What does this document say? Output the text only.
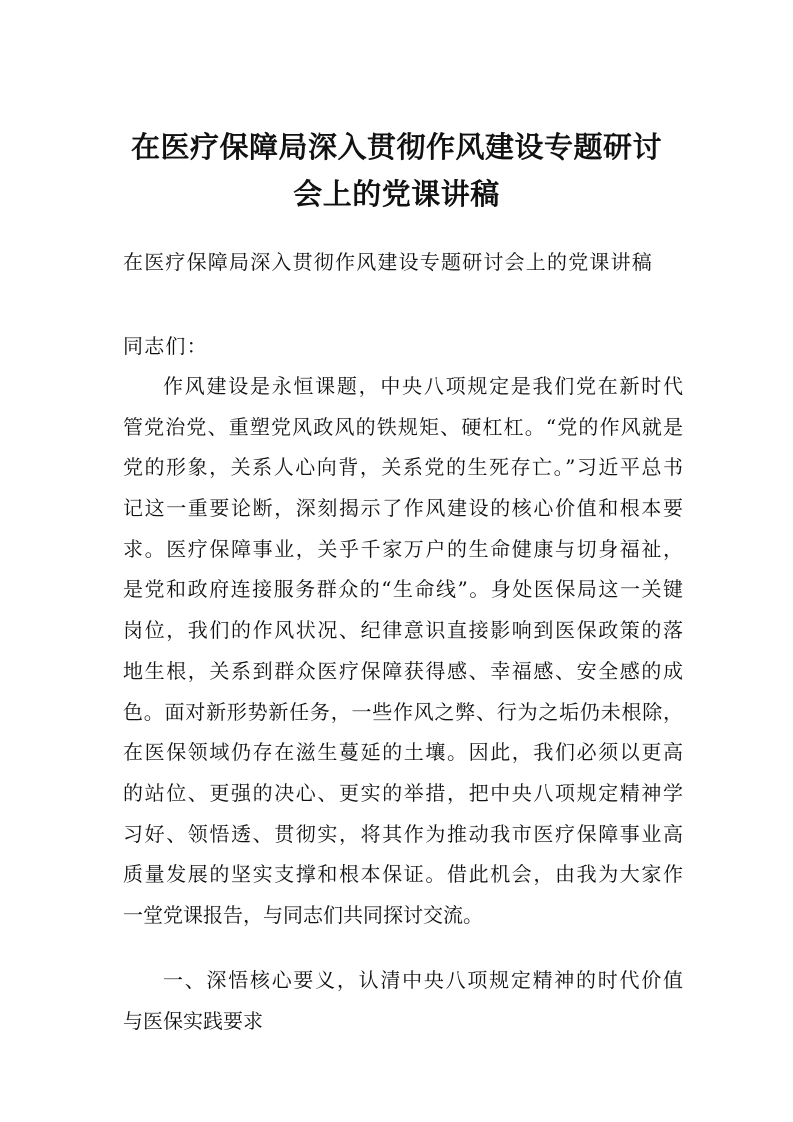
在医疗保障局深入贯彻作风建设专题研讨
会上的党课讲稿

在医疗保障局深入贯彻作风建设专题研讨会上的党课讲稿

同志们：

作风建设是永恒课题，中央八项规定是我们党在新时代
管党治党、重塑党风政风的铁规矩、硬杠杠。“党的作风就是
党的形象，关系人心向背，关系党的生死存亡。”习近平总书
记这一重要论断，深刻揭示了作风建设的核心价值和根本要
求。医疗保障事业，关乎千家万户的生命健康与切身福祉，
是党和政府连接服务群众的“生命线”。身处医保局这一关键
岗位，我们的作风状况、纪律意识直接影响到医保政策的落
地生根，关系到群众医疗保障获得感、幸福感、安全感的成
色。面对新形势新任务，一些作风之弊、行为之垢仍未根除，
在医保领域仍存在滋生蔓延的土壤。因此，我们必须以更高
的站位、更强的决心、更实的举措，把中央八项规定精神学
习好、领悟透、贯彻实，将其作为推动我市医疗保障事业高
质量发展的坚实支撑和根本保证。借此机会，由我为大家作
一堂党课报告，与同志们共同探讨交流。
一、深悟核心要义，认清中央八项规定精神的时代价值
与医保实践要求
